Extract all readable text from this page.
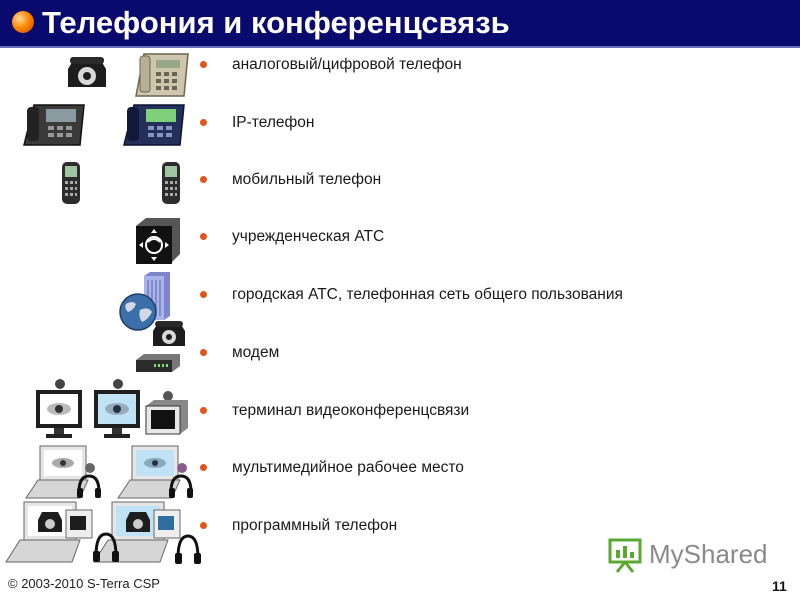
Телефония и конференцсвязь
аналоговый/цифровой телефон
IP-телефон
мобильный телефон
учрежденческая АТС
городская АТС, телефонная сеть общего пользования
модем
терминал видеоконференцсвязи
мультимедийное рабочее место
программный телефон
MyShared
© 2003-2010 S-Terra CSP	11
